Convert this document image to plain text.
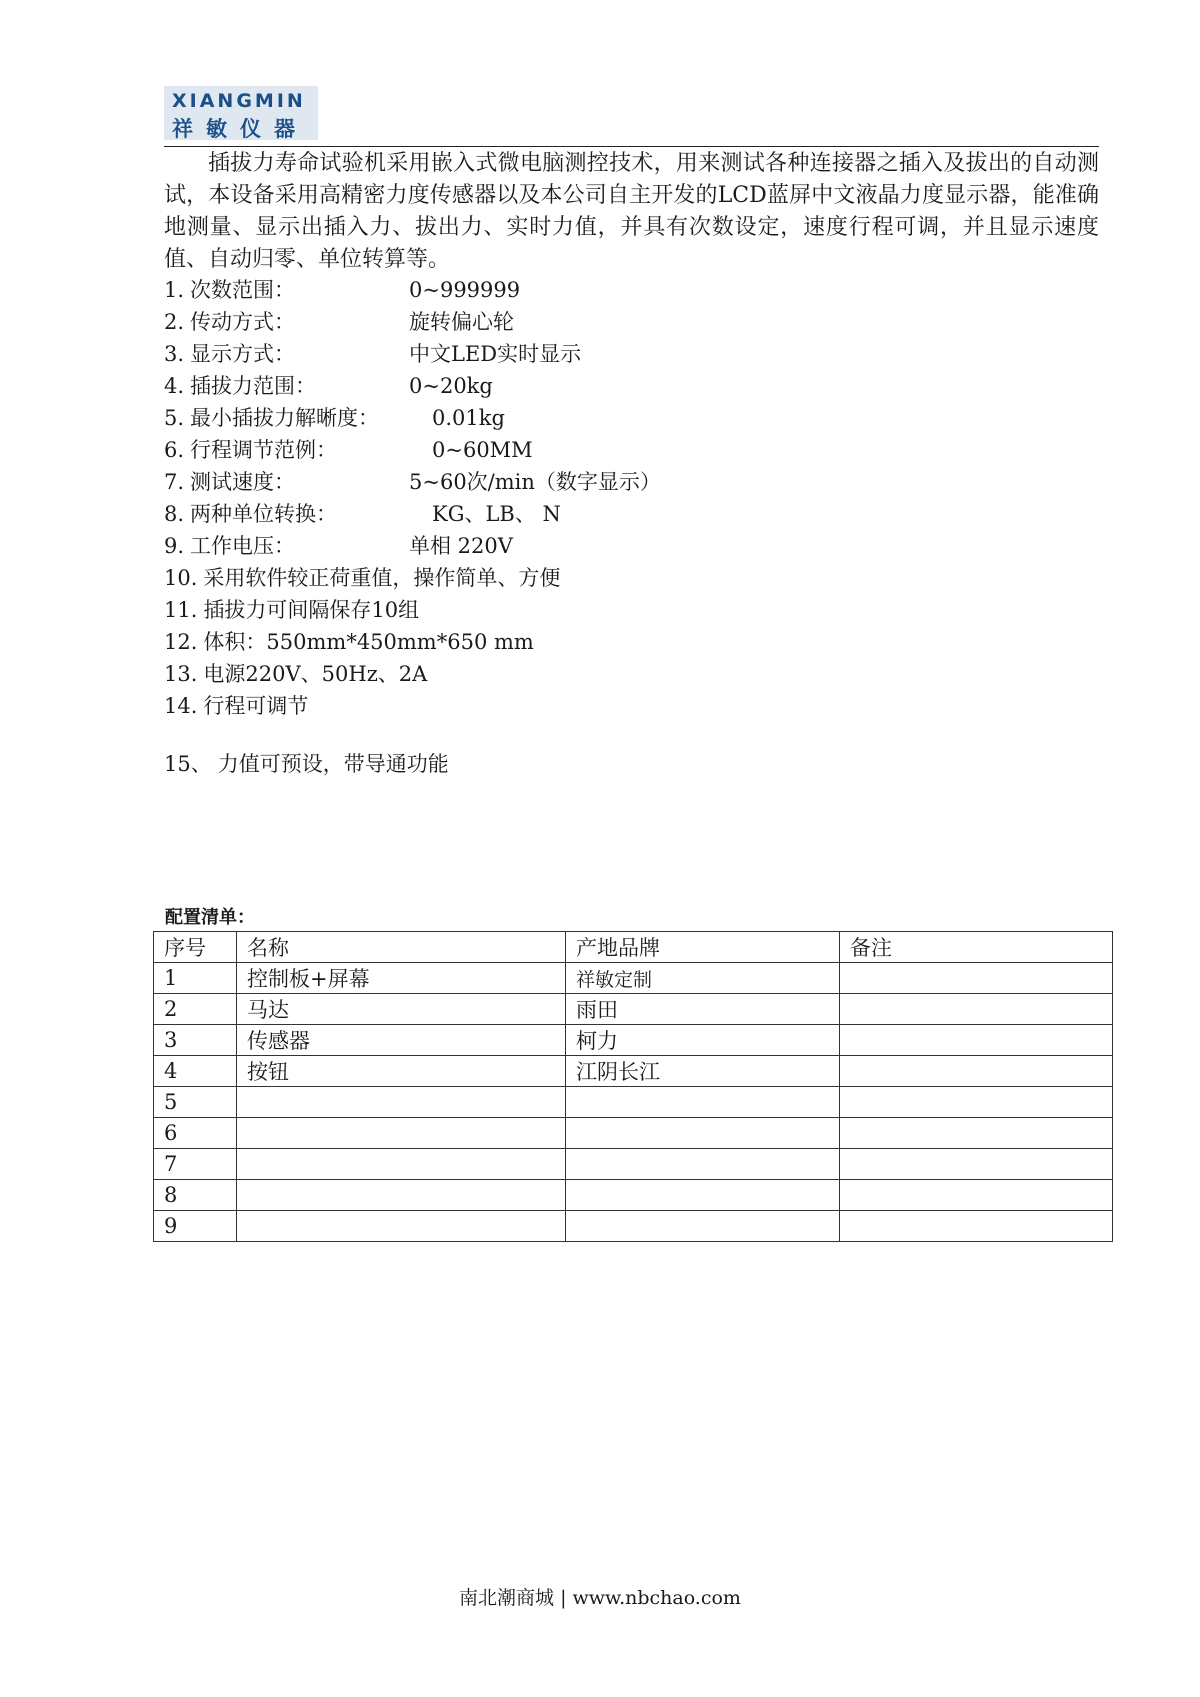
XIANGMIN
祥敏仪器

插拔力寿命试验机采用嵌入式微电脑测控技术，用来测试各种连接器之插入及拔出的自动测试，本设备采用高精密力度传感器以及本公司自主开发的LCD蓝屏中文液晶力度显示器，能准确地测量、显示出插入力、拔出力、实时力值，并具有次数设定，速度行程可调，并且显示速度值、自动归零、单位转算等。

1. 次数范围：	0~999999
2. 传动方式：	旋转偏心轮
3. 显示方式：	中文LED实时显示
4. 插拔力范围：	0~20kg
5. 最小插拔力解晰度：	0.01kg
6. 行程调节范例：	0~60MM
7. 测试速度：	5~60次/min（数字显示）
8. 两种单位转换：	KG、LB、 N
9. 工作电压：	单相 220V
10. 采用软件较正荷重值，操作简单、方便
11. 插拔力可间隔保存10组
12. 体积：550mm*450mm*650 mm
13. 电源220V、50Hz、2A
14. 行程可调节
15、 力值可预设，带导通功能
配置清单：
序号	名称	产地品牌	备注
1	控制板+屏幕	祥敏定制	
2	马达	雨田	
3	传感器	柯力	
4	按钮	江阴长江	
5			
6			
7			
8			
9			
南北潮商城 | www.nbchao.com
